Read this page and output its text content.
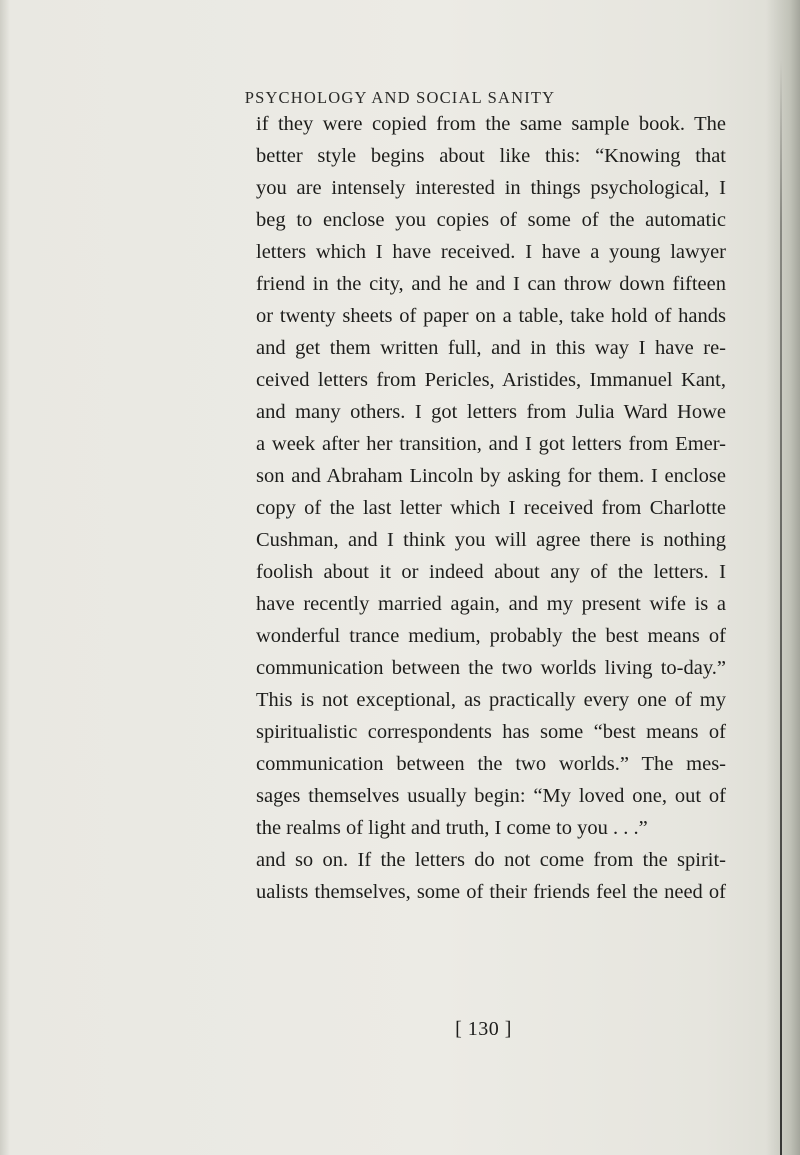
PSYCHOLOGY AND SOCIAL SANITY
if they were copied from the same sample book. The
better style begins about like this: “Knowing that
you are intensely interested in things psychological, I
beg to enclose you copies of some of the automatic
letters which I have received. I have a young lawyer
friend in the city, and he and I can throw down fifteen
or twenty sheets of paper on a table, take hold of hands
and get them written full, and in this way I have re-
ceived letters from Pericles, Aristides, Immanuel Kant,
and many others. I got letters from Julia Ward Howe
a week after her transition, and I got letters from Emer-
son and Abraham Lincoln by asking for them. I enclose
copy of the last letter which I received from Charlotte
Cushman, and I think you will agree there is nothing
foolish about it or indeed about any of the letters. I
have recently married again, and my present wife is a
wonderful trance medium, probably the best means of
communication between the two worlds living to-day.”
This is not exceptional, as practically every one of my
spiritualistic correspondents has some “best means of
communication between the two worlds.” The mes-
sages themselves usually begin: “My loved one, out of
the realms of light and truth, I come to you . . .”
and so on. If the letters do not come from the spirit-
ualists themselves, some of their friends feel the need of
[ 130 ]
